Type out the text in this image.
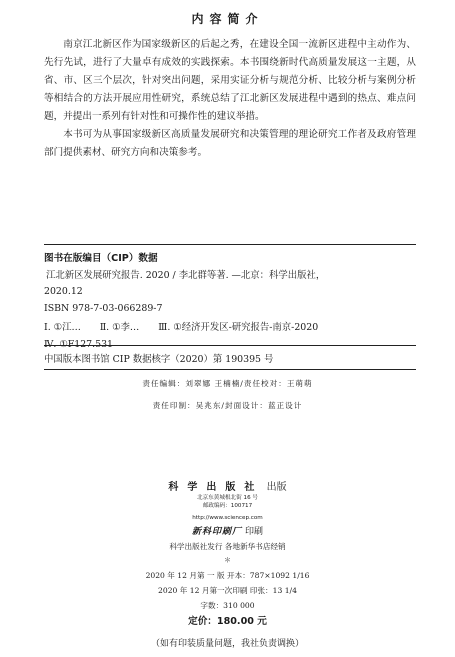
内容简介

南京江北新区作为国家级新区的后起之秀，在建设全国一流新区进程中主动作为、先行先试，进行了大量卓有成效的实践探索。本书围绕新时代高质量发展这一主题，从省、市、区三个层次，针对突出问题，采用实证分析与规范分析、比较分析与案例分析等相结合的方法开展应用性研究，系统总结了江北新区发展进程中遇到的热点、难点问题，并提出一系列有针对性和可操作性的建议举措。

本书可为从事国家级新区高质量发展研究和决策管理的理论研究工作者及政府管理部门提供素材、研究方向和决策参考。

图书在版编目（CIP）数据
江北新区发展研究报告. 2020 / 李北群等著. —北京：科学出版社，
2020.12
ISBN 978-7-03-066289-7
Ⅰ. ①江… Ⅱ. ①李… Ⅲ. ①经济开发区-研究报告-南京-2020
Ⅳ. ①F127.531
中国版本图书馆 CIP 数据核字（2020）第 190395 号
责任编辑：刘翠娜 王楠楠/责任校对：王萌萌
责任印制：吴兆东/封面设计：蓝正设计
科学出版社 出版
北京东黄城根北街 16 号
邮政编码：100717
http://www.sciencep.com
新科印刷厂 印刷
科学出版社发行 各地新华书店经销
＊
2020 年 12 月第 一 版 开本：787×1092 1/16
2020 年 12 月第一次印刷 印张：13 1/4
字数：310 000
定价：180.00 元
（如有印装质量问题，我社负责调换）
